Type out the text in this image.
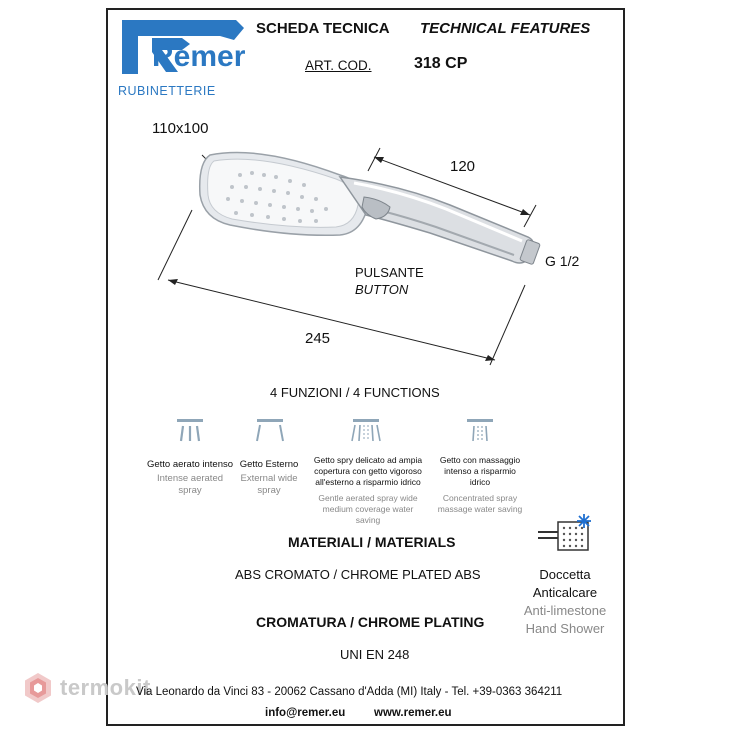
Remer
RUBINETTERIE
SCHEDA TECNICA TECHNICAL FEATURES
ART. COD.	318 CP
110x100
120
245
G 1/2
PULSANTE
BUTTON
4 FUNZIONI / 4 FUNCTIONS
Getto aerato intenso
Intense aerated spray
Getto Esterno
External wide spray
Getto spry delicato ad ampia copertura con getto vigoroso all'esterno a risparmio idrico
Gentle aerated spray wide medium coverage water saving
Getto con massaggio intenso a risparmio idrico
Concentrated spray massage water saving
MATERIALI / MATERIALS
ABS CROMATO / CHROME PLATED ABS
CROMATURA / CHROME PLATING
UNI EN 248
Doccetta
Anticalcare
Anti-limestone
Hand Shower
termokit
Via Leonardo da Vinci 83 - 20062 Cassano d'Adda (MI) Italy - Tel. +39-0363 364211
info@remer.eu	www.remer.eu
